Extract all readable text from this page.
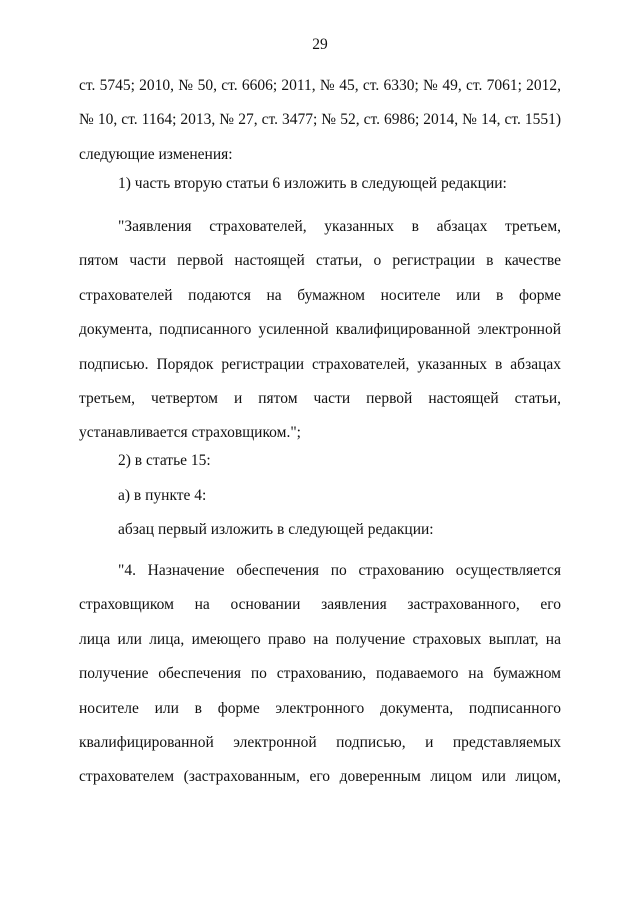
29
ст. 5745; 2010, № 50, ст. 6606; 2011, № 45, ст. 6330; № 49, ст. 7061; 2012,
№ 10, ст. 1164; 2013, № 27, ст. 3477; № 52, ст. 6986; 2014, № 14, ст. 1551)
следующие изменения:
1) часть вторую статьи 6 изложить в следующей редакции:
"Заявления страхователей, указанных в абзацах третьем,
пятом части первой настоящей статьи, о регистрации в качестве
страхователей подаются на бумажном носителе или в форме
документа, подписанного усиленной квалифицированной электронной
подписью. Порядок регистрации страхователей, указанных в абзацах
третьем, четвертом и пятом части первой настоящей статьи,
устанавливается страховщиком.";
2) в статье 15:
а) в пункте 4:
абзац первый изложить в следующей редакции:
"4. Назначение обеспечения по страхованию осуществляется
страховщиком на основании заявления застрахованного, его
лица или лица, имеющего право на получение страховых выплат, на
получение обеспечения по страхованию, подаваемого на бумажном
носителе или в форме электронного документа, подписанного
квалифицированной электронной подписью, и представляемых
страхователем (застрахованным, его доверенным лицом или лицом,
